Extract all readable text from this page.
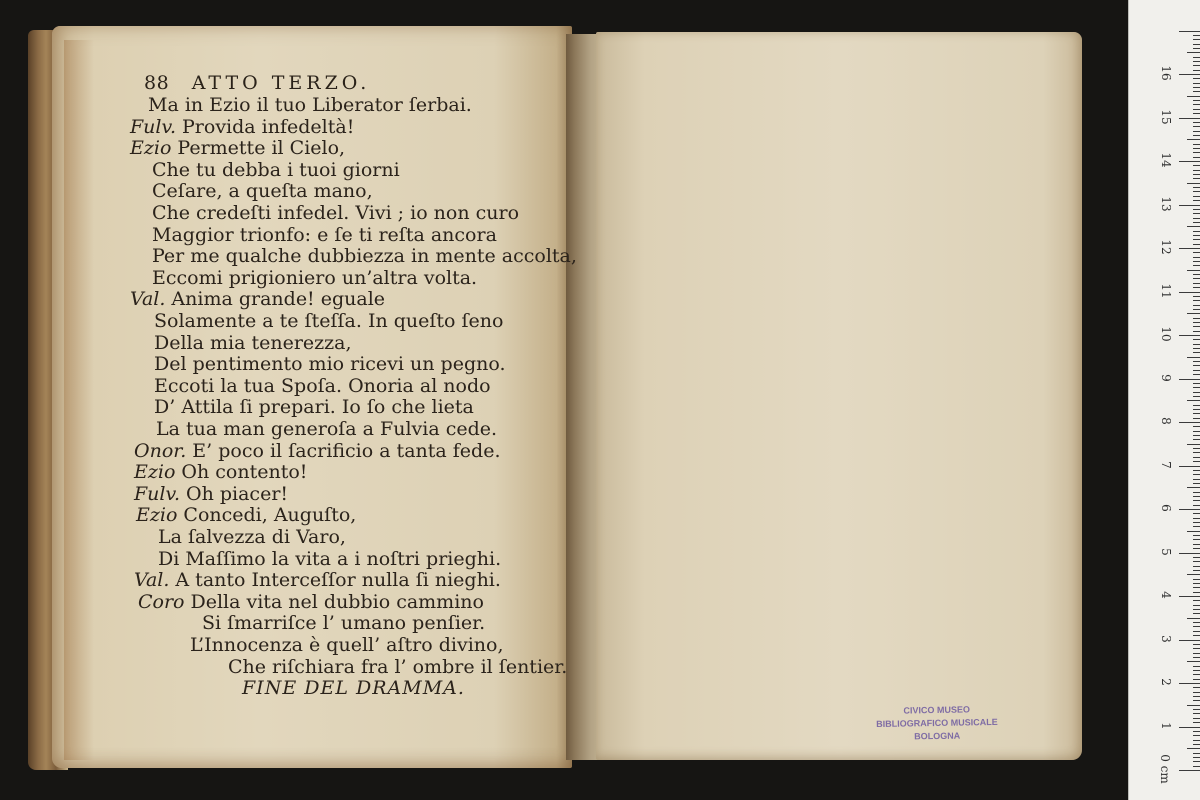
88 ATTO TERZO.
Ma in Ezio il tuo Liberator ſerbai.
Fulv. Provida infedeltà!
Ezio Permette il Cielo,
Che tu debba i tuoi giorni
Ceſare, a queſta mano,
Che credeſti infedel. Vivi ; io non curo
Maggior trionfo: e ſe ti reſta ancora
Per me qualche dubbiezza in mente accolta,
Eccomi prigioniero un’altra volta.
Val. Anima grande! eguale
Solamente a te ſteſſa. In queſto ſeno
Della mia tenerezza,
Del pentimento mio ricevi un pegno.
Eccoti la tua Spoſa. Onoria al nodo
D’ Attila ſi prepari. Io ſo che lieta
La tua man generoſa a Fulvia cede.
Onor. E’ poco il ſacrificio a tanta fede.
Ezio Oh contento!
Fulv. Oh piacer!
Ezio Concedi, Auguſto,
La ſalvezza di Varo,
Di Maſſimo la vita a i noſtri prieghi.
Val. A tanto Interceſſor nulla ſi nieghi.
Coro Della vita nel dubbio cammino
Si ſmarriſce l’ umano penſier.
L’Innocenza è quell’ aſtro divino,
Che riſchiara fra l’ ombre il ſentier.
FINE DEL DRAMMA.
CIVICO MUSEO
BIBLIOGRAFICO MUSICALE
BOLOGNA
0 cm
1
2
3
4
5
6
7
8
9
10
11
12
13
14
15
16
